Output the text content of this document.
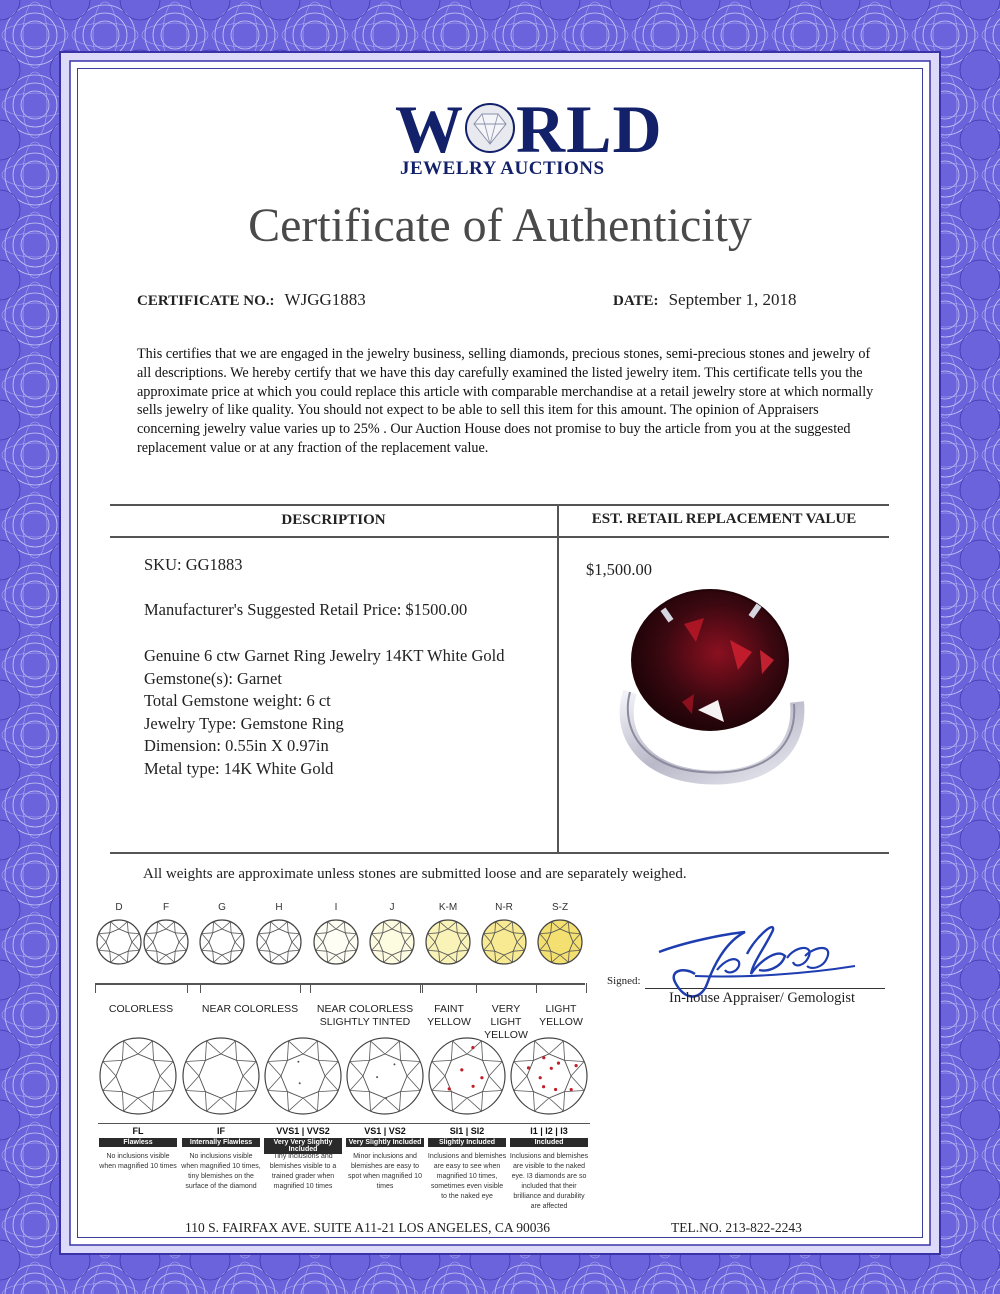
W RLD
JEWELRY AUCTIONS
Certificate of Authenticity
CERTIFICATE NO.: WJGG1883	DATE: September 1, 2018
This certifies that we are engaged in the jewelry business, selling diamonds, precious stones, semi-precious stones and jewelry of all descriptions. We hereby certify that we have this day carefully examined the listed jewelry item. This certificate tells you the approximate price at which you could replace this article with comparable merchandise at a retail jewelry store at which normally sells jewelry of like quality. You should not expect to be able to sell this item for this amount. The opinion of Appraisers concerning jewelry value varies up to 25% . Our Auction House does not promise to buy the article from you at the suggested replacement value or at any fraction of the replacement value.
DESCRIPTION	EST. RETAIL REPLACEMENT VALUE
SKU: GG1883
Manufacturer's Suggested Retail Price: $1500.00
Genuine 6 ctw Garnet Ring Jewelry 14KT White Gold
Gemstone(s): Garnet
Total Gemstone weight: 6 ct
Jewelry Type: Gemstone Ring
Dimension: 0.55in X 0.97in
Metal type: 14K White Gold
$1,500.00
All weights are approximate unless stones are submitted loose and are separately weighed.
D	F	G	H	I	J	K-M	N-R	S-Z
COLORLESS	NEAR COLORLESS	NEAR COLORLESS
SLIGHTLY TINTED
FAINT
YELLOW
VERY LIGHT
YELLOW
LIGHT
YELLOW
FL
Flawless
No inclusions visible when magnified 10 times
IF
Internally Flawless
No inclusions visible when magnified 10 times, tiny blemishes on the surface of the diamond
VVS1 | VVS2
Very Very Slightly Included
Tiny inclusions and blemishes visible to a trained grader when magnified 10 times
VS1 | VS2
Very Slightly Included
Minor inclusions and blemishes are easy to spot when magnified 10 times
SI1 | SI2
Slightly Included
Inclusions and blemishes are easy to see when magnified 10 times, sometimes even visible to the naked eye
I1 | I2 | I3
Included
Inclusions and blemishes are visible to the naked eye. I3 diamonds are so included that their brilliance and durability are affected
Signed:
In-house Appraiser/ Gemologist
110 S. FAIRFAX AVE. SUITE A11-21 LOS ANGELES, CA 90036	TEL.NO. 213-822-2243
